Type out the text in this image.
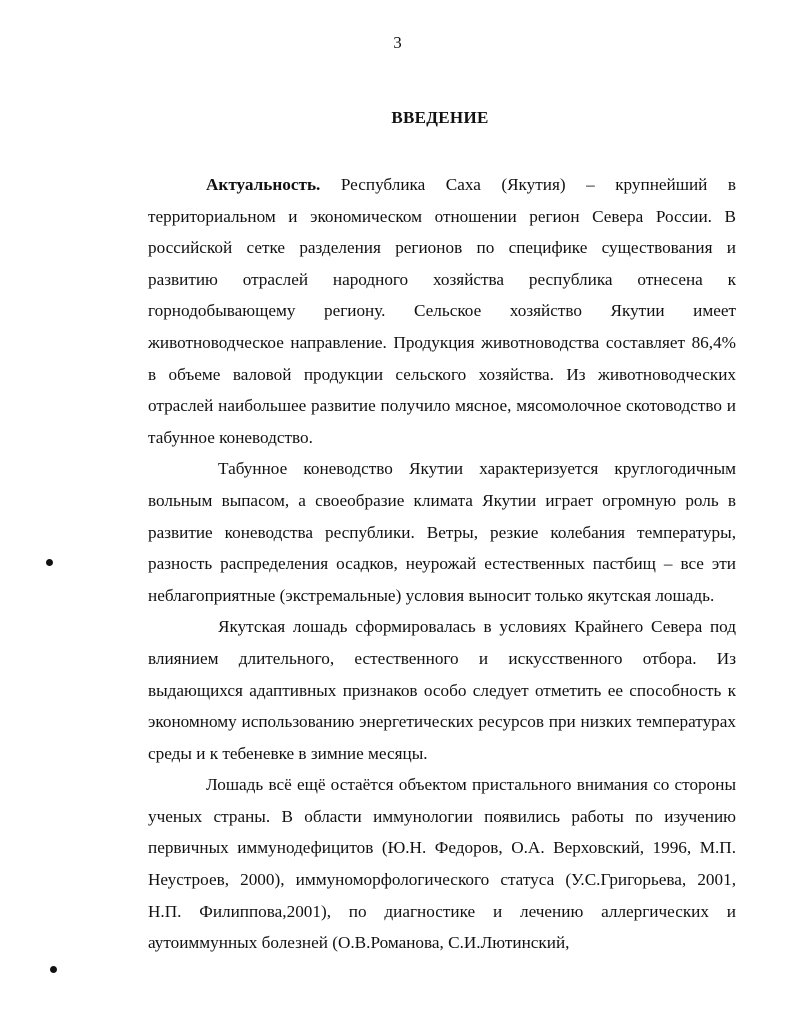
3
ВВЕДЕНИЕ

Актуальность. Республика Саха (Якутия) – крупнейший в территориальном и экономическом отношении регион Севера России. В российской сетке разделения регионов по специфике существования и развитию отраслей народного хозяйства республика отнесена к горнодобывающему региону. Сельское хозяйство Якутии имеет животноводческое направление. Продукция животноводства составляет 86,4% в объеме валовой продукции сельского хозяйства. Из животноводческих отраслей наибольшее развитие получило мясное, мясомолочное скотоводство и табунное коневодство.

Табунное коневодство Якутии характеризуется круглогодичным вольным выпасом, а своеобразие климата Якутии играет огромную роль в развитие коневодства республики. Ветры, резкие колебания температуры, разность распределения осадков, неурожай естественных пастбищ – все эти неблагоприятные (экстремальные) условия выносит только якутская лошадь.

Якутская лошадь сформировалась в условиях Крайнего Севера под влиянием длительного, естественного и искусственного отбора. Из выдающихся адаптивных признаков особо следует отметить ее способность к экономному использованию энергетических ресурсов при низких температурах среды и к тебеневке в зимние месяцы.

Лошадь всё ещё остаётся объектом пристального внимания со стороны ученых страны. В области иммунологии появились работы по изучению первичных иммунодефицитов (Ю.Н. Федоров, О.А. Верховский, 1996, М.П. Неустроев, 2000), иммуноморфологического статуса (У.С.Григорьева, 2001, Н.П. Филиппова,2001), по диагностике и лечению аллергических и аутоиммунных болезней (О.В.Романова, С.И.Лютинский,
